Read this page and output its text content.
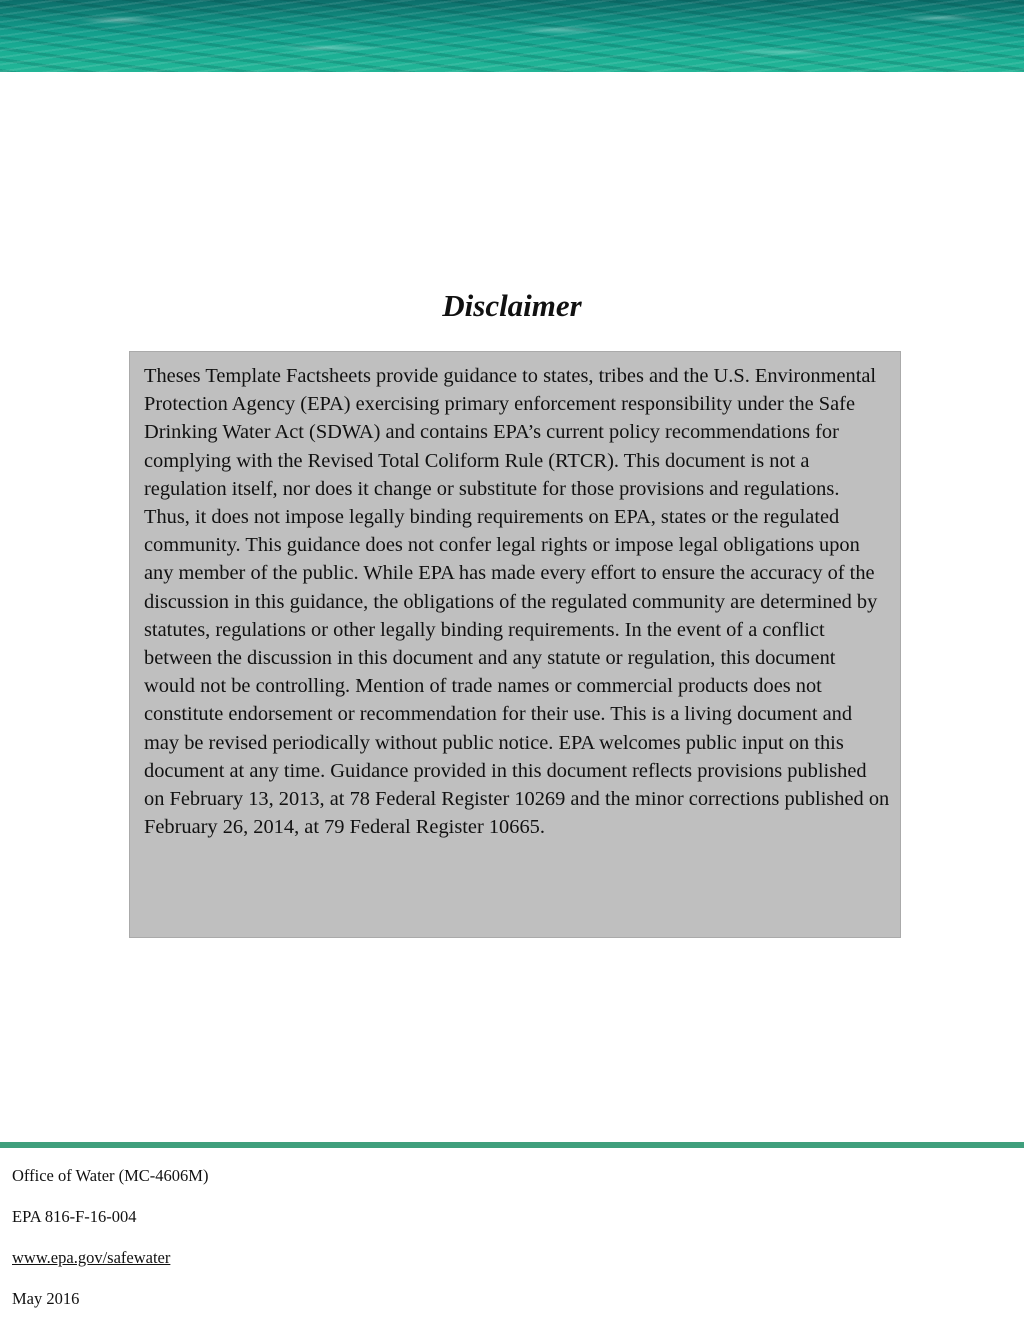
Disclaimer

Theses Template Factsheets provide guidance to states, tribes and the U.S. Environmental Protection Agency (EPA) exercising primary enforcement responsibility under the Safe Drinking Water Act (SDWA) and contains EPA’s current policy recommendations for complying with the Revised Total Coliform Rule (RTCR). This document is not a regulation itself, nor does it change or substitute for those provisions and regulations. Thus, it does not impose legally binding requirements on EPA, states or the regulated community. This guidance does not confer legal rights or impose legal obligations upon any member of the public. While EPA has made every effort to ensure the accuracy of the discussion in this guidance, the obligations of the regulated community are determined by statutes, regulations or other legally binding requirements. In the event of a conflict between the discussion in this document and any statute or regulation, this document would not be controlling. Mention of trade names or commercial products does not constitute endorsement or recommendation for their use. This is a living document and may be revised periodically without public notice. EPA welcomes public input on this document at any time. Guidance provided in this document reflects provisions published on February 13, 2013, at 78 Federal Register 10269 and the minor corrections published on February 26, 2014, at 79 Federal Register 10665.

Office of Water (MC-4606M)
EPA 816-F-16-004
www.epa.gov/safewater
May 2016
